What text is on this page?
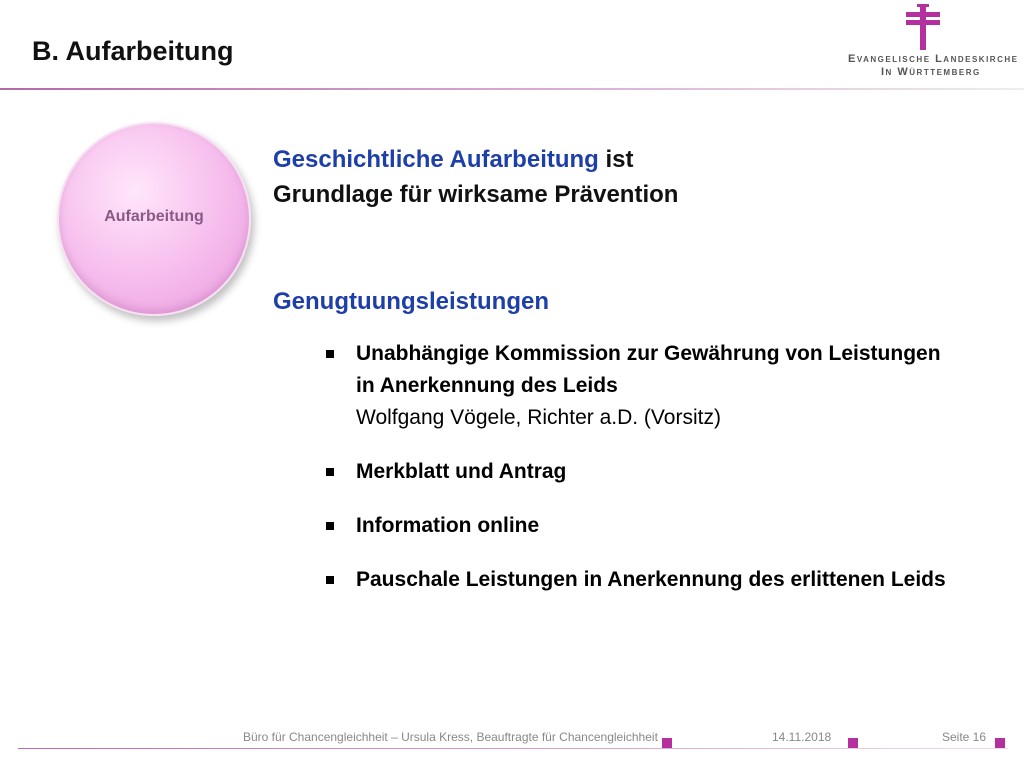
B. Aufarbeitung	Evangelische Landeskirche
In Württemberg
Aufarbeitung
Geschichtliche Aufarbeitung ist
Grundlage für wirksame Prävention
Genugtuungsleistungen
Unabhängige Kommission zur Gewährung von Leistungen in Anerkennung des Leids
Wolfgang Vögele, Richter a.D. (Vorsitz)
Merkblatt und Antrag
Information online
Pauschale Leistungen in Anerkennung des erlittenen Leids
Büro für Chancengleichheit – Ursula Kress, Beauftragte für Chancengleichheit	14.11.2018	Seite 16
